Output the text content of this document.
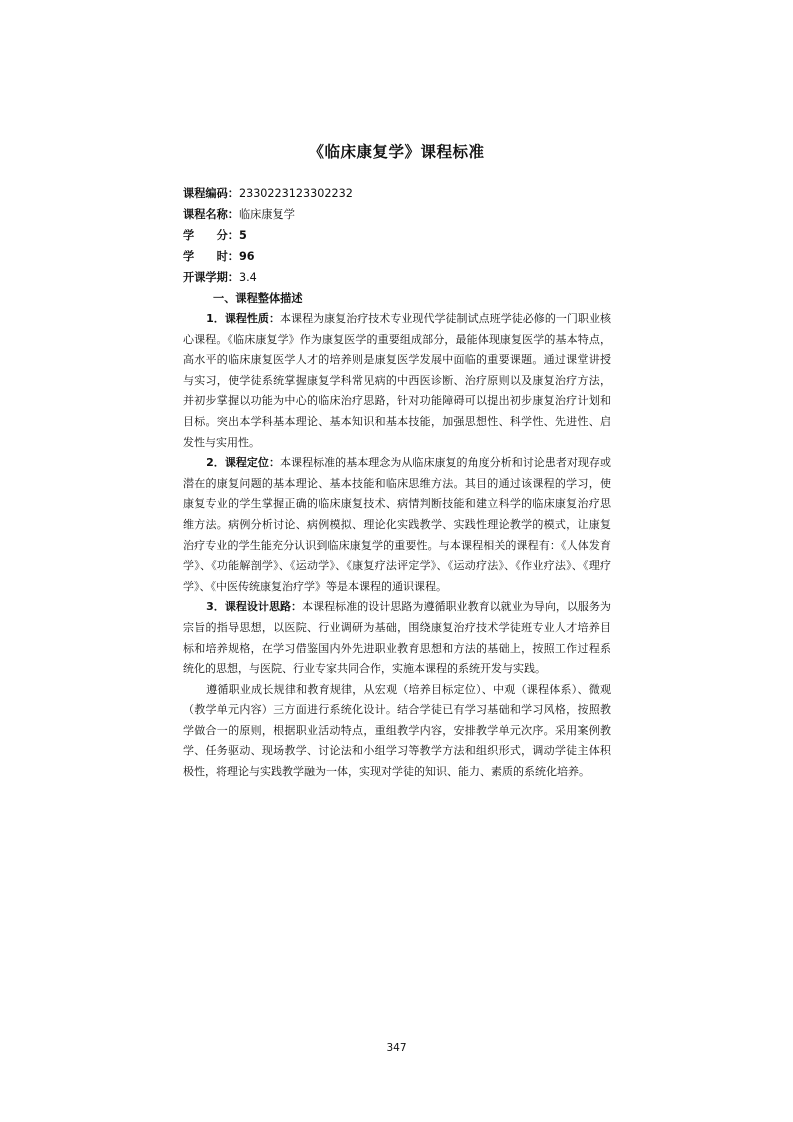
《临床康复学》课程标准
课程编码：2330223123302232
课程名称：临床康复学
学　　分：5
学　　时：96
开课学期：3.4
一、课程整体描述

1．课程性质：本课程为康复治疗技术专业现代学徒制试点班学徒必修的一门职业核心课程。《临床康复学》作为康复医学的重要组成部分，最能体现康复医学的基本特点，高水平的临床康复医学人才的培养则是康复医学发展中面临的重要课题。通过课堂讲授与实习，使学徒系统掌握康复学科常见病的中西医诊断、治疗原则以及康复治疗方法，并初步掌握以功能为中心的临床治疗思路，针对功能障碍可以提出初步康复治疗计划和目标。突出本学科基本理论、基本知识和基本技能，加强思想性、科学性、先进性、启发性与实用性。

2．课程定位：本课程标准的基本理念为从临床康复的角度分析和讨论患者对现存或潜在的康复问题的基本理论、基本技能和临床思维方法。其目的通过该课程的学习，使康复专业的学生掌握正确的临床康复技术、病情判断技能和建立科学的临床康复治疗思维方法。病例分析讨论、病例模拟、理论化实践教学、实践性理论教学的模式，让康复治疗专业的学生能充分认识到临床康复学的重要性。与本课程相关的课程有：《人体发育学》、《功能解剖学》、《运动学》、《康复疗法评定学》、《运动疗法》、《作业疗法》、《理疗学》、《中医传统康复治疗学》等是本课程的通识课程。

3．课程设计思路：本课程标准的设计思路为遵循职业教育以就业为导向，以服务为宗旨的指导思想，以医院、行业调研为基础，围绕康复治疗技术学徒班专业人才培养目标和培养规格，在学习借鉴国内外先进职业教育思想和方法的基础上，按照工作过程系统化的思想，与医院、行业专家共同合作，实施本课程的系统开发与实践。

遵循职业成长规律和教育规律，从宏观（培养目标定位）、中观（课程体系）、微观（教学单元内容）三方面进行系统化设计。结合学徒已有学习基础和学习风格，按照教学做合一的原则，根据职业活动特点，重组教学内容，安排教学单元次序。采用案例教学、任务驱动、现场教学、讨论法和小组学习等教学方法和组织形式，调动学徒主体积极性，将理论与实践教学融为一体，实现对学徒的知识、能力、素质的系统化培养。

347
